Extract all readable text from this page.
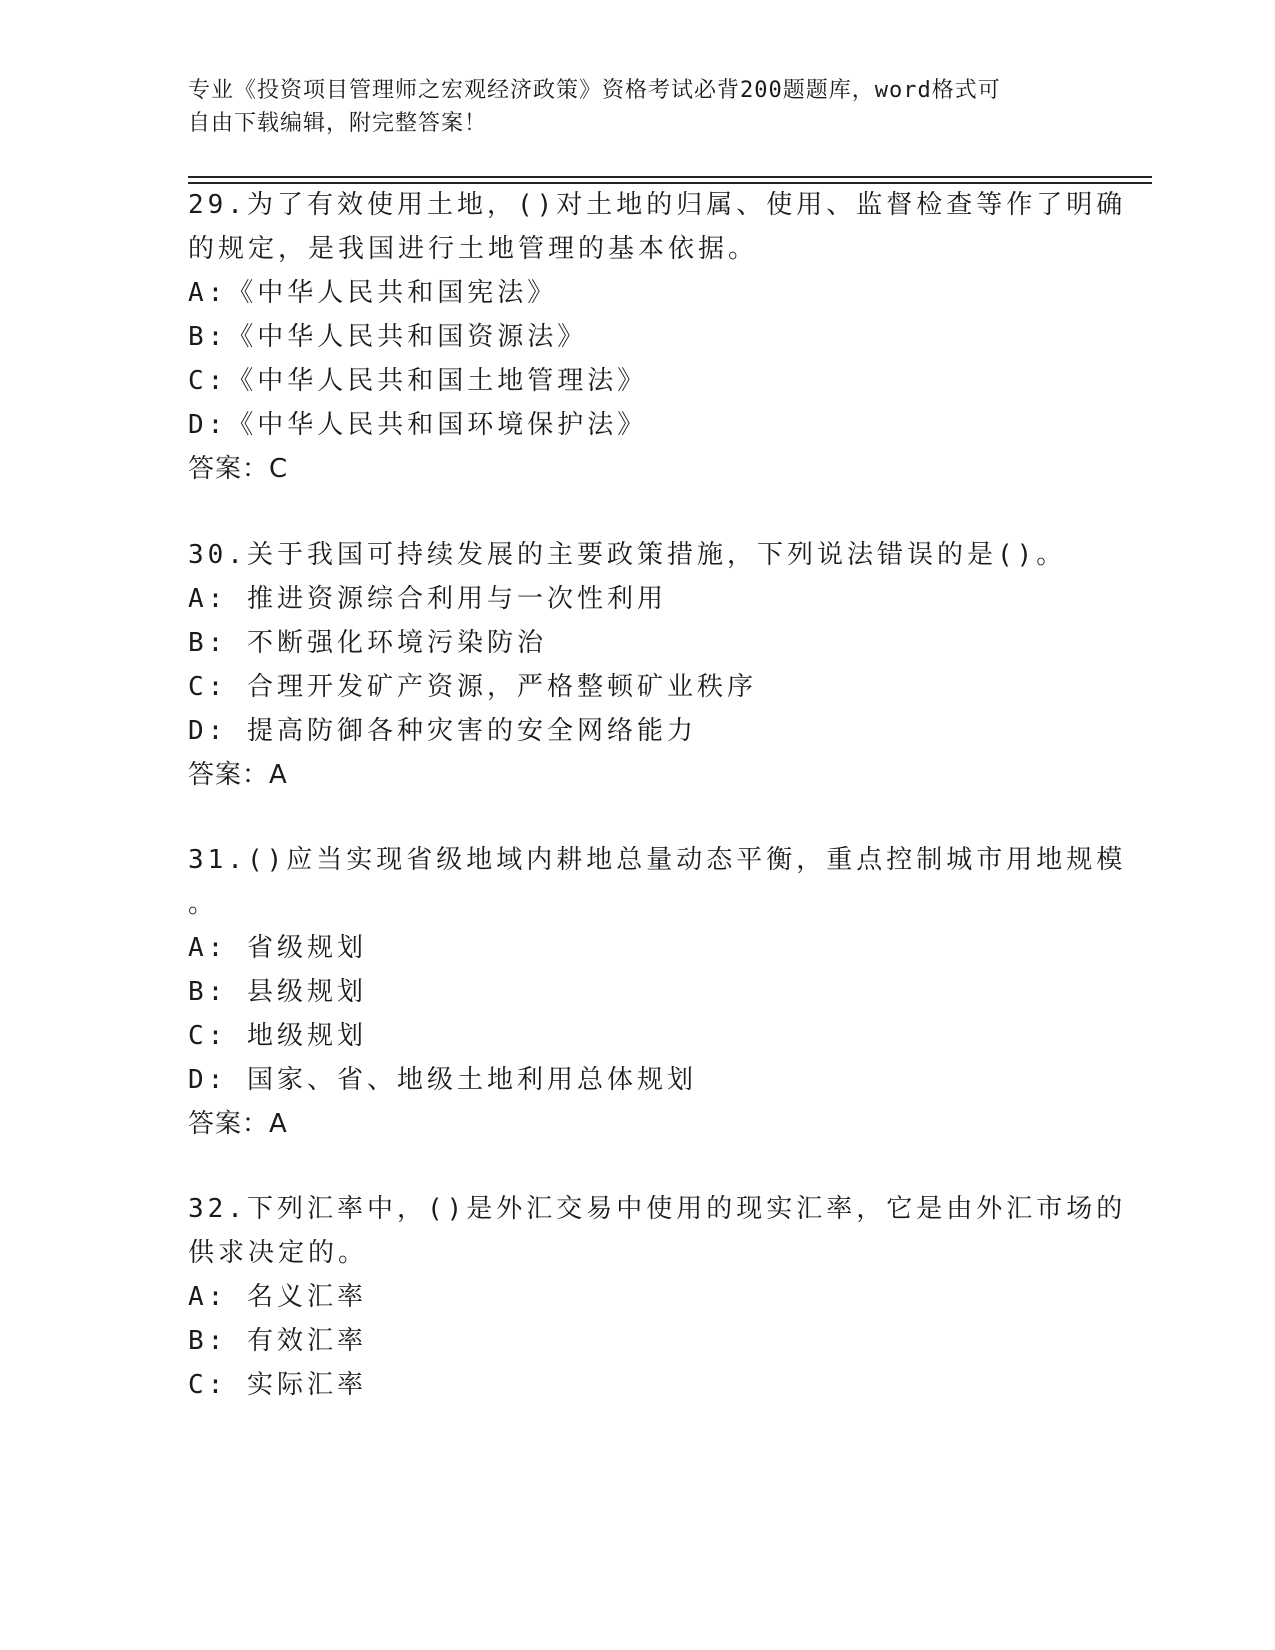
专业《投资项目管理师之宏观经济政策》资格考试必背200题题库，word格式可
自由下载编辑，附完整答案！
29.为了有效使用土地，()对土地的归属、使用、监督检查等作了明确
的规定，是我国进行土地管理的基本依据。
A:《中华人民共和国宪法》
B:《中华人民共和国资源法》
C:《中华人民共和国土地管理法》
D:《中华人民共和国环境保护法》
答案：C
30.关于我国可持续发展的主要政策措施，下列说法错误的是()。
A: 推进资源综合利用与一次性利用
B: 不断强化环境污染防治
C: 合理开发矿产资源，严格整顿矿业秩序
D: 提高防御各种灾害的安全网络能力
答案：A
31.()应当实现省级地域内耕地总量动态平衡，重点控制城市用地规模
。
A: 省级规划
B: 县级规划
C: 地级规划
D: 国家、省、地级土地利用总体规划
答案：A
32.下列汇率中，()是外汇交易中使用的现实汇率，它是由外汇市场的
供求决定的。
A: 名义汇率
B: 有效汇率
C: 实际汇率
